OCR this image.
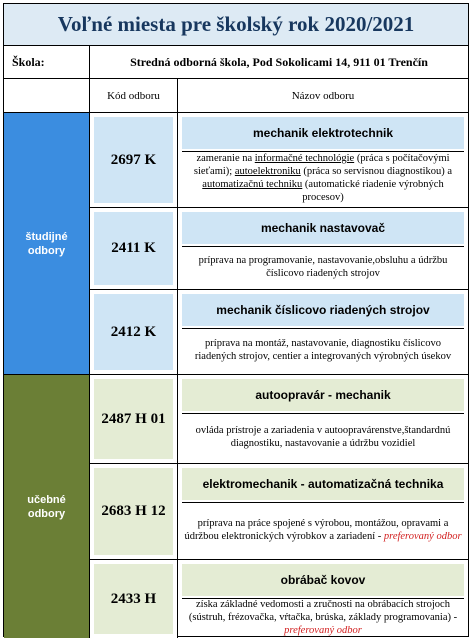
Voľné miesta pre školský rok 2020/2021
Škola:	Stredná odborná škola, Pod Sokolicami 14, 911 01 Trenčín
Kód odboru	Názov odboru
študijné odbory
učebné odbory
2697 K
mechanik elektrotechnik
zameranie na informačné technológie (práca s počítačovými sieťami); autoelektroniku (práca so servisnou diagnostikou) a automatizačnú techniku (automatické riadenie výrobných procesov)
2411 K
mechanik nastavovač
príprava na programovanie, nastavovanie,obsluhu a údržbu číslicovo riadených strojov
2412 K
mechanik číslicovo riadených strojov
príprava na montáž, nastavovanie, diagnostiku číslicovo riadených strojov, centier a integrovaných výrobných úsekov
2487 H 01
autoopravár - mechanik
ovláda prístroje a zariadenia v autoopravárenstve,štandardnú diagnostiku, nastavovanie a údržbu vozidiel
2683 H 12
elektromechanik - automatizačná technika
príprava na práce spojené s výrobou, montážou, opravami a údržbou elektronických výrobkov a zariadení - preferovaný odbor
2433 H
obrábač kovov
získa základné vedomosti a zručnosti na obrábacích strojoch (sústruh, frézovačka, vŕtačka, brúska, základy programovania) - preferovaný odbor
